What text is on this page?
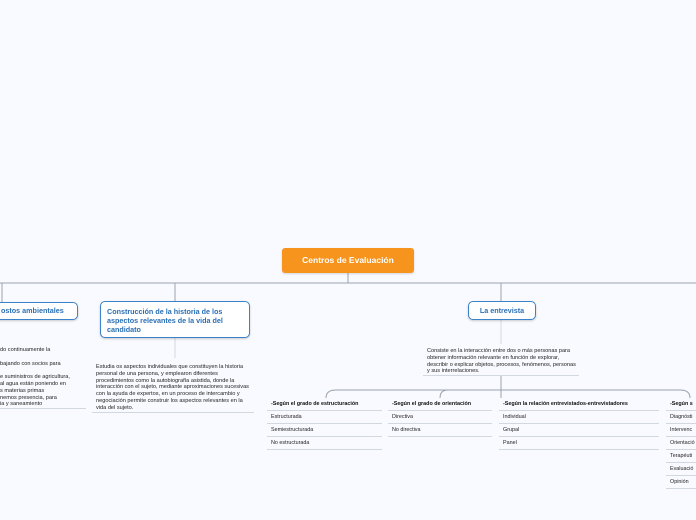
Centros de Evaluación
ostos ambientales
do continuamente la
bajando con socios para
e suministros de agricultura,
al agua están poniendo en
s materias primas
nemos presencia, para
ia y saneamiento
Construcción de la historia de los aspectos relevantes de la vida del candidato
Estudia os aspectos individuales que constituyen la historia personal de una persona, y emplearon diferentes procedimientos como la autobiografía asistida, donde la interacción con el sujeto, mediante aproximaciones sucesivas con la ayuda de expertos, en un proceso de intercambio y negociación permite construir los aspectos relevantes en la vida del sujeto.
La entrevista
Consiste en la interacción entre dos o más personas para obtener información relevante en función de explorar, describir o explicar objetos, procesos, fenómenos, personas y sus interrelaciones.
-Según el grado de estructuración
Estructurada
Semiestructurada
No estructurada
-Según el grado de orientación
Directiva
No directiva
-Según la relación entrevistados-entrevistadores
Individual
Grupal
Panel
-Según s
Diagnósti
Intervenc
Orientació
Terapéuti
Evaluació
Opinión
